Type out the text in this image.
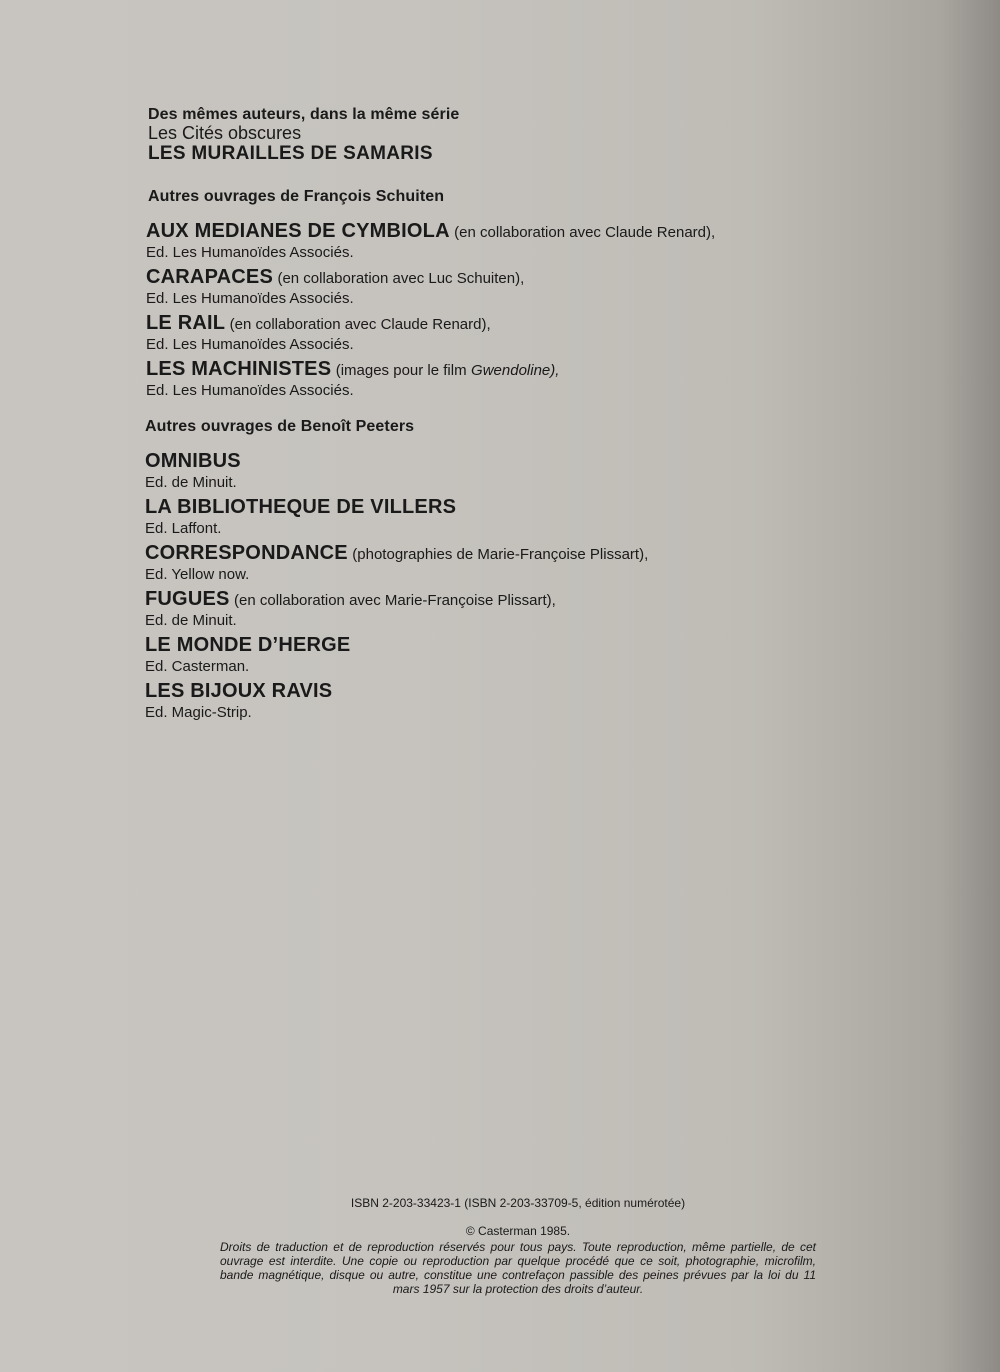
Des mêmes auteurs, dans la même série
Les Cités obscures
LES MURAILLES DE SAMARIS
Autres ouvrages de François Schuiten
AUX MEDIANES DE CYMBIOLA (en collaboration avec Claude Renard),
Ed. Les Humanoïdes Associés.
CARAPACES (en collaboration avec Luc Schuiten),
Ed. Les Humanoïdes Associés.
LE RAIL (en collaboration avec Claude Renard),
Ed. Les Humanoïdes Associés.
LES MACHINISTES (images pour le film Gwendoline),
Ed. Les Humanoïdes Associés.
Autres ouvrages de Benoît Peeters
OMNIBUS
Ed. de Minuit.
LA BIBLIOTHEQUE DE VILLERS
Ed. Laffont.
CORRESPONDANCE (photographies de Marie-Françoise Plissart),
Ed. Yellow now.
FUGUES (en collaboration avec Marie-Françoise Plissart),
Ed. de Minuit.
LE MONDE D’HERGE
Ed. Casterman.
LES BIJOUX RAVIS
Ed. Magic-Strip.
ISBN 2-203-33423-1 (ISBN 2-203-33709-5, édition numérotée)
© Casterman 1985.
Droits de traduction et de reproduction réservés pour tous pays. Toute reproduction, même partielle, de cet ouvrage est interdite. Une copie ou reproduction par quelque procédé que ce soit, photographie, microfilm, bande magnétique, disque ou autre, constitue une contrefaçon passible des peines prévues par la loi du 11 mars 1957 sur la protection des droits d’auteur.
